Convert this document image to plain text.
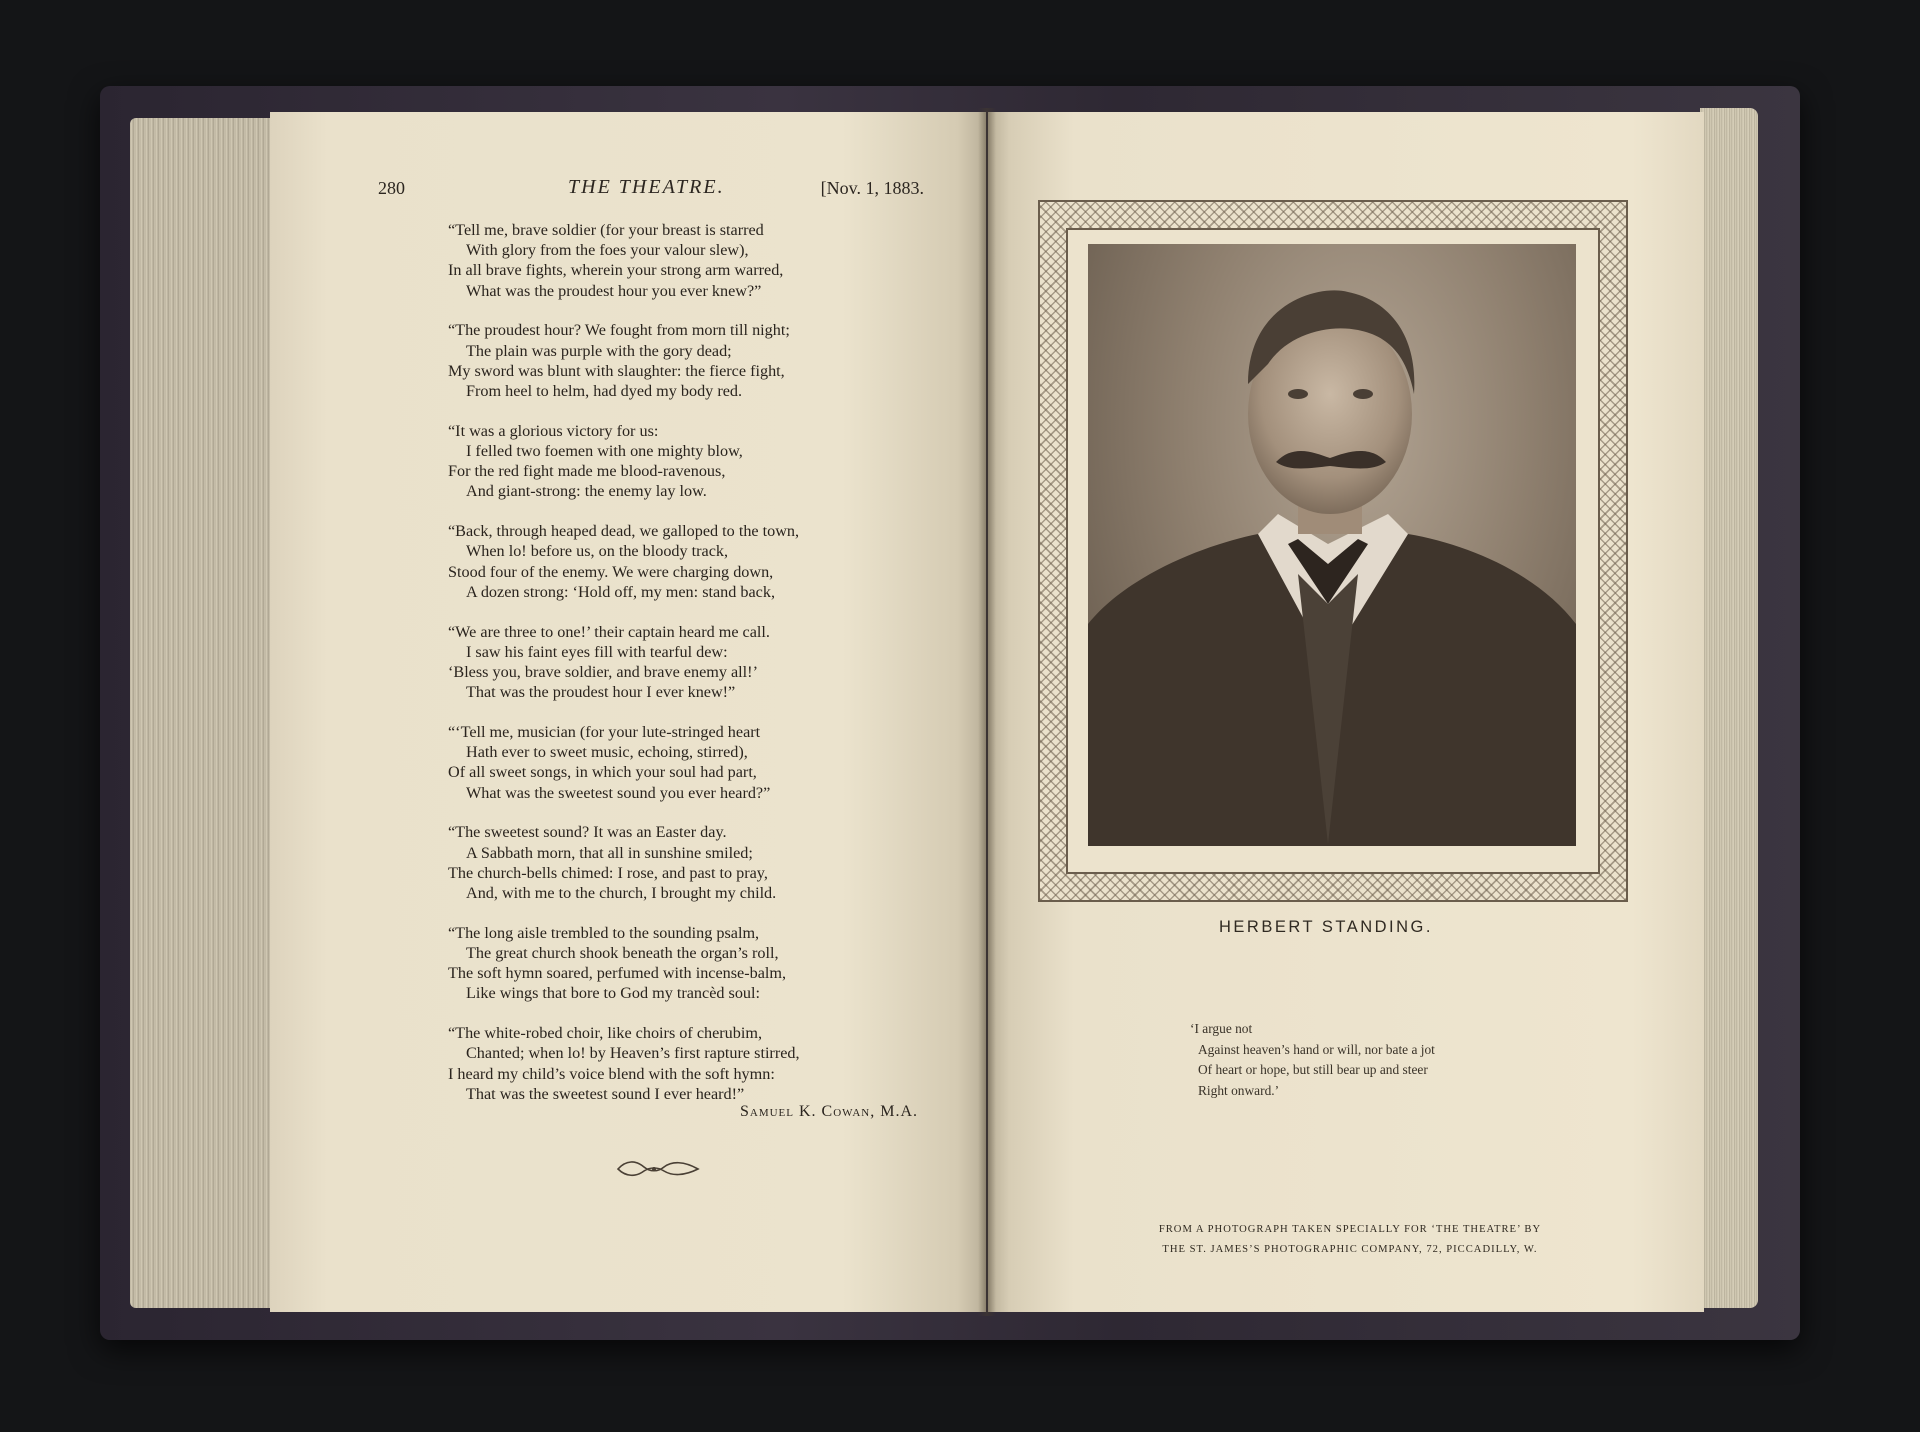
280	THE THEATRE.	[Nov. 1, 1883.
“Tell me, brave soldier (for your breast is starred
With glory from the foes your valour slew),
In all brave fights, wherein your strong arm warred,
What was the proudest hour you ever knew?”
“The proudest hour? We fought from morn till night;
The plain was purple with the gory dead;
My sword was blunt with slaughter: the fierce fight,
From heel to helm, had dyed my body red.
“It was a glorious victory for us:
I felled two foemen with one mighty blow,
For the red fight made me blood-ravenous,
And giant-strong: the enemy lay low.
“Back, through heaped dead, we galloped to the town,
When lo! before us, on the bloody track,
Stood four of the enemy. We were charging down,
A dozen strong: ‘Hold off, my men: stand back,
“We are three to one!’ their captain heard me call.
I saw his faint eyes fill with tearful dew:
‘Bless you, brave soldier, and brave enemy all!’
That was the proudest hour I ever knew!”
“‘Tell me, musician (for your lute-stringed heart
Hath ever to sweet music, echoing, stirred),
Of all sweet songs, in which your soul had part,
What was the sweetest sound you ever heard?”
“The sweetest sound? It was an Easter day.
A Sabbath morn, that all in sunshine smiled;
The church-bells chimed: I rose, and past to pray,
And, with me to the church, I brought my child.
“The long aisle trembled to the sounding psalm,
The great church shook beneath the organ’s roll,
The soft hymn soared, perfumed with incense-balm,
Like wings that bore to God my trancèd soul:
“The white-robed choir, like choirs of cherubim,
Chanted; when lo! by Heaven’s first rapture stirred,
I heard my child’s voice blend with the soft hymn:
That was the sweetest sound I ever heard!”
Samuel K. Cowan, M.A.
HERBERT STANDING.
‘I argue not
Against heaven’s hand or will, nor bate a jot
Of heart or hope, but still bear up and steer
Right onward.’
FROM A PHOTOGRAPH TAKEN SPECIALLY FOR ‘THE THEATRE’ BY
THE ST. JAMES’S PHOTOGRAPHIC COMPANY, 72, PICCADILLY, W.
